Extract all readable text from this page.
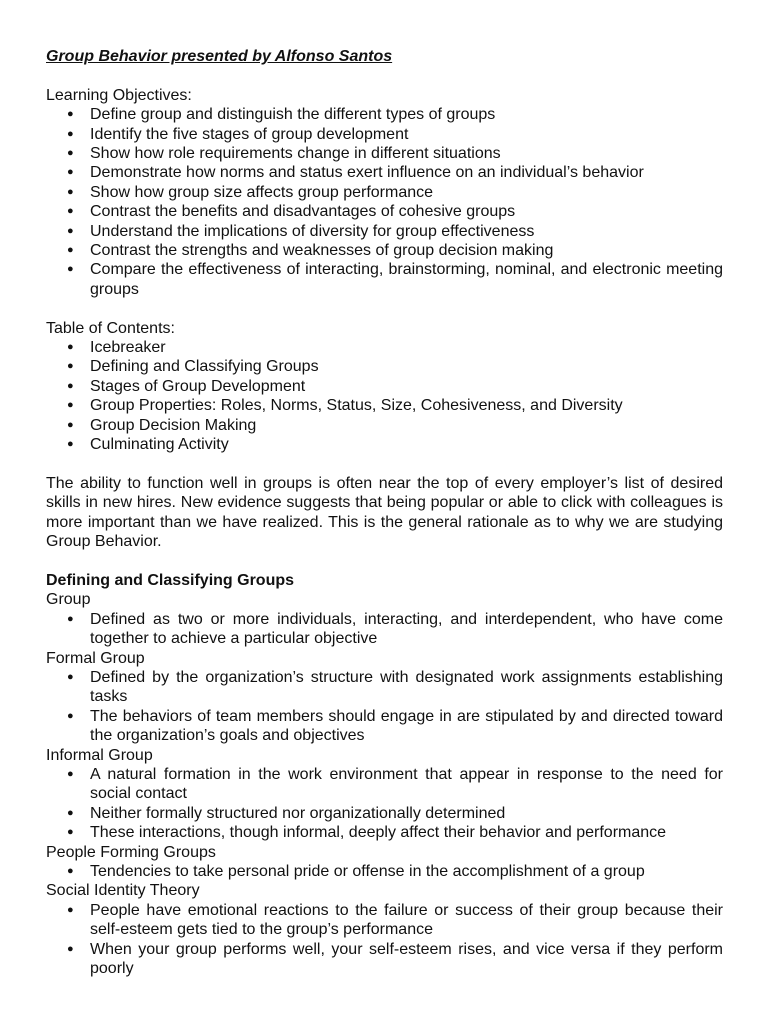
Group Behavior presented by Alfonso Santos

Learning Objectives:

● Define group and distinguish the different types of groups
● Identify the five stages of group development
● Show how role requirements change in different situations
● Demonstrate how norms and status exert influence on an individual’s behavior
● Show how group size affects group performance
● Contrast the benefits and disadvantages of cohesive groups
● Understand the implications of diversity for group effectiveness
● Contrast the strengths and weaknesses of group decision making
● Compare the effectiveness of interacting, brainstorming, nominal, and electronic meeting groups

Table of Contents:

● Icebreaker
● Defining and Classifying Groups
● Stages of Group Development
● Group Properties: Roles, Norms, Status, Size, Cohesiveness, and Diversity
● Group Decision Making
● Culminating Activity

The ability to function well in groups is often near the top of every employer’s list of desired skills in new hires. New evidence suggests that being popular or able to click with colleagues is more important than we have realized. This is the general rationale as to why we are studying Group Behavior.

Defining and Classifying Groups

Group

● Defined as two or more individuals, interacting, and interdependent, who have come together to achieve a particular objective

Formal Group

● Defined by the organization’s structure with designated work assignments establishing tasks
● The behaviors of team members should engage in are stipulated by and directed toward the organization’s goals and objectives

Informal Group

● A natural formation in the work environment that appear in response to the need for social contact
● Neither formally structured nor organizationally determined
● These interactions, though informal, deeply affect their behavior and performance

People Forming Groups

● Tendencies to take personal pride or offense in the accomplishment of a group

Social Identity Theory

● People have emotional reactions to the failure or success of their group because their self-esteem gets tied to the group’s performance
● When your group performs well, your self-esteem rises, and vice versa if they perform poorly
